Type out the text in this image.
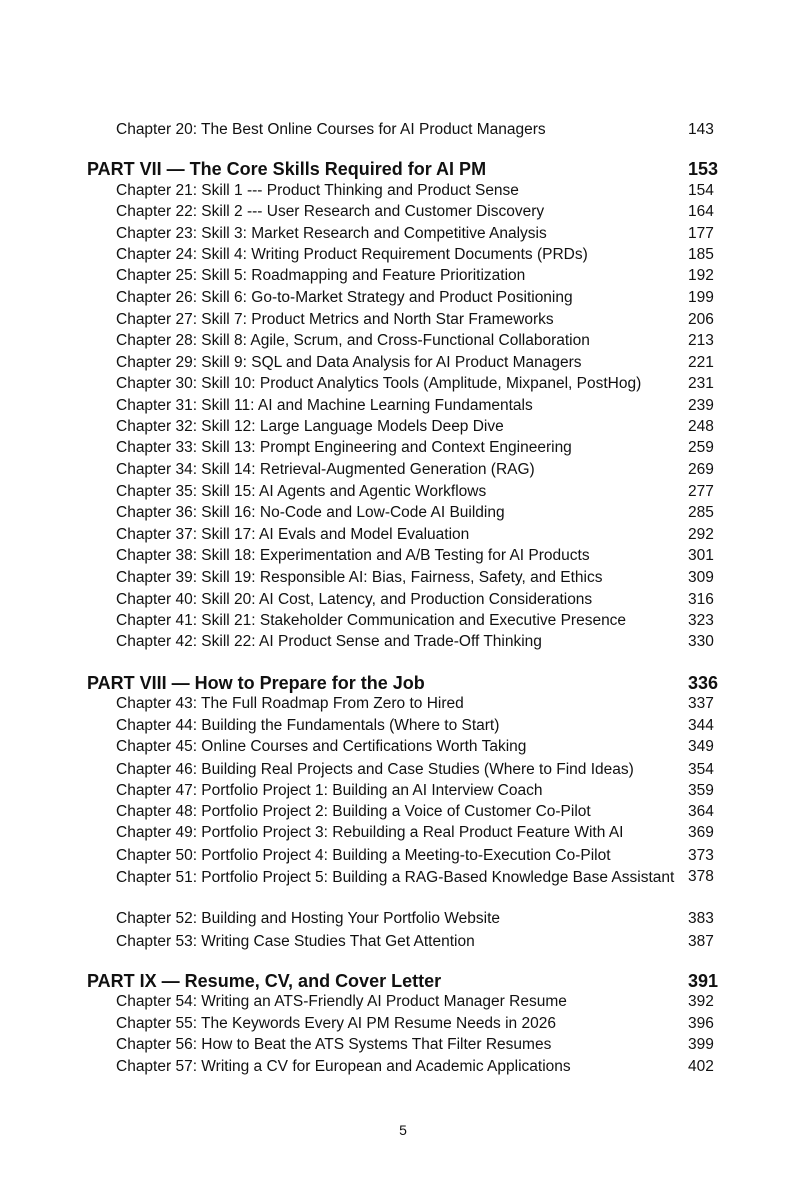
Chapter 20: The Best Online Courses for AI Product Managers	143
PART VII — The Core Skills Required for AI PM	153
Chapter 21: Skill 1 --- Product Thinking and Product Sense	154
Chapter 22: Skill 2 --- User Research and Customer Discovery	164
Chapter 23: Skill 3: Market Research and Competitive Analysis	177
Chapter 24: Skill 4: Writing Product Requirement Documents (PRDs)	185
Chapter 25: Skill 5: Roadmapping and Feature Prioritization	192
Chapter 26: Skill 6: Go-to-Market Strategy and Product Positioning	199
Chapter 27: Skill 7: Product Metrics and North Star Frameworks	206
Chapter 28: Skill 8: Agile, Scrum, and Cross-Functional Collaboration	213
Chapter 29: Skill 9: SQL and Data Analysis for AI Product Managers	221
Chapter 30: Skill 10: Product Analytics Tools (Amplitude, Mixpanel, PostHog)	231
Chapter 31: Skill 11: AI and Machine Learning Fundamentals	239
Chapter 32: Skill 12: Large Language Models Deep Dive	248
Chapter 33: Skill 13: Prompt Engineering and Context Engineering	259
Chapter 34: Skill 14: Retrieval-Augmented Generation (RAG)	269
Chapter 35: Skill 15: AI Agents and Agentic Workflows	277
Chapter 36: Skill 16: No-Code and Low-Code AI Building	285
Chapter 37: Skill 17: AI Evals and Model Evaluation	292
Chapter 38: Skill 18: Experimentation and A/B Testing for AI Products	301
Chapter 39: Skill 19: Responsible AI: Bias, Fairness, Safety, and Ethics	309
Chapter 40: Skill 20: AI Cost, Latency, and Production Considerations	316
Chapter 41: Skill 21: Stakeholder Communication and Executive Presence	323
Chapter 42: Skill 22: AI Product Sense and Trade-Off Thinking	330
PART VIII — How to Prepare for the Job	336
Chapter 43: The Full Roadmap From Zero to Hired	337
Chapter 44: Building the Fundamentals (Where to Start)	344
Chapter 45: Online Courses and Certifications Worth Taking	349
Chapter 46: Building Real Projects and Case Studies (Where to Find Ideas)	354
Chapter 47: Portfolio Project 1: Building an AI Interview Coach	359
Chapter 48: Portfolio Project 2: Building a Voice of Customer Co-Pilot	364
Chapter 49: Portfolio Project 3: Rebuilding a Real Product Feature With AI	369
Chapter 50: Portfolio Project 4: Building a Meeting-to-Execution Co-Pilot	373
Chapter 51: Portfolio Project 5: Building a RAG-Based Knowledge Base Assistant 378
Chapter 52: Building and Hosting Your Portfolio Website	383
Chapter 53: Writing Case Studies That Get Attention	387
PART IX — Resume, CV, and Cover Letter	391
Chapter 54: Writing an ATS-Friendly AI Product Manager Resume	392
Chapter 55: The Keywords Every AI PM Resume Needs in 2026	396
Chapter 56: How to Beat the ATS Systems That Filter Resumes	399
Chapter 57: Writing a CV for European and Academic Applications	402
5
